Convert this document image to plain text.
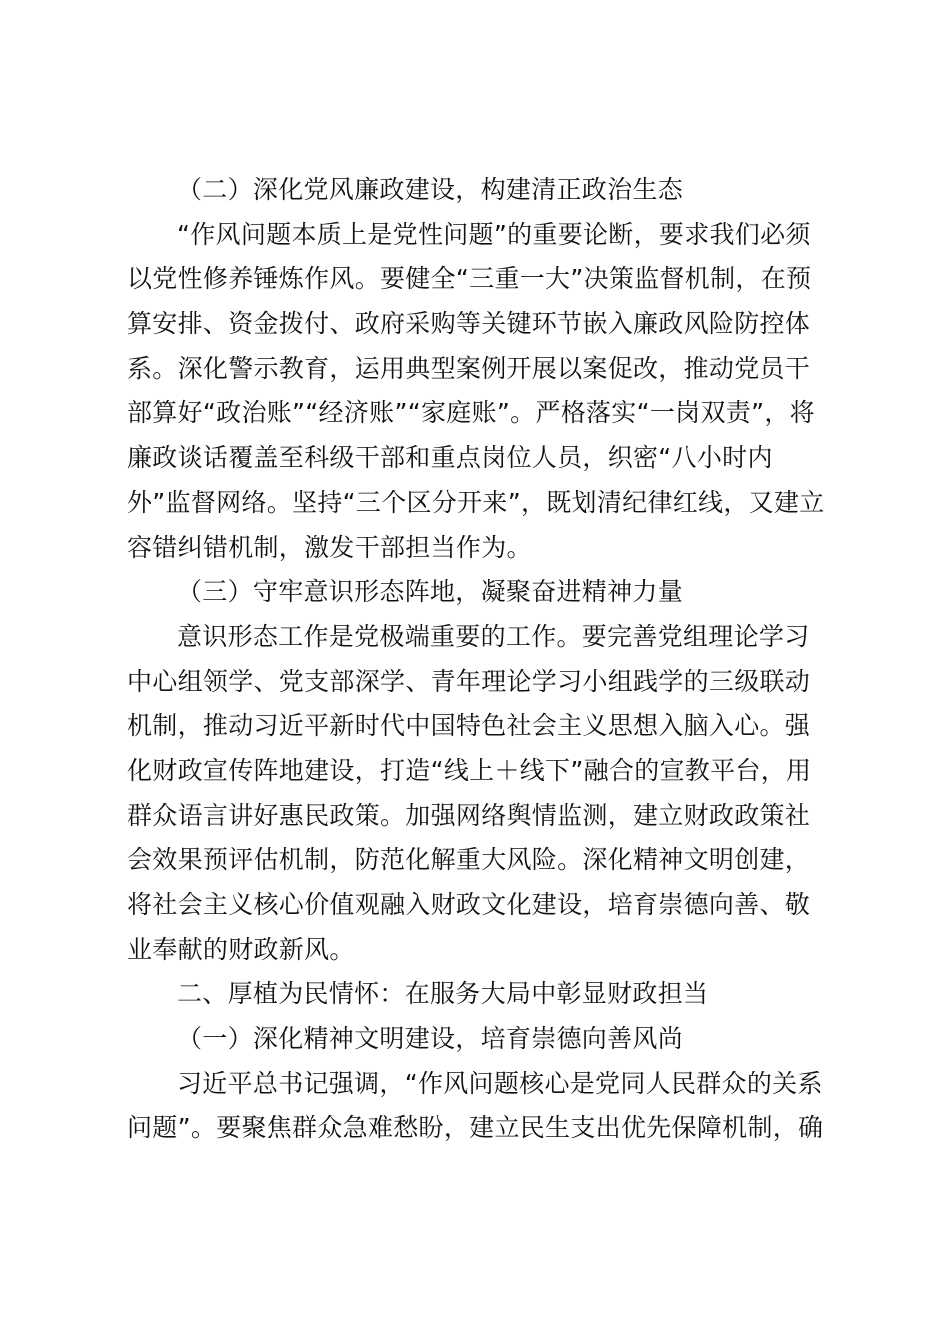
（二）深化党风廉政建设，构建清正政治生态
“作风问题本质上是党性问题”的重要论断，要求我们必须
以党性修养锤炼作风。要健全“三重一大”决策监督机制，在预
算安排、资金拨付、政府采购等关键环节嵌入廉政风险防控体
系。深化警示教育，运用典型案例开展以案促改，推动党员干
部算好“政治账”“经济账”“家庭账”。严格落实“一岗双责”，将
廉政谈话覆盖至科级干部和重点岗位人员，织密“八小时内
外”监督网络。坚持“三个区分开来”，既划清纪律红线，又建立
容错纠错机制，激发干部担当作为。
（三）守牢意识形态阵地，凝聚奋进精神力量
意识形态工作是党极端重要的工作。要完善党组理论学习
中心组领学、党支部深学、青年理论学习小组践学的三级联动
机制，推动习近平新时代中国特色社会主义思想入脑入心。强
化财政宣传阵地建设，打造“线上＋线下”融合的宣教平台，用
群众语言讲好惠民政策。加强网络舆情监测，建立财政政策社
会效果预评估机制，防范化解重大风险。深化精神文明创建，
将社会主义核心价值观融入财政文化建设，培育崇德向善、敬
业奉献的财政新风。
二、厚植为民情怀：在服务大局中彰显财政担当
（一）深化精神文明建设，培育崇德向善风尚
习近平总书记强调，“作风问题核心是党同人民群众的关系
问题”。要聚焦群众急难愁盼，建立民生支出优先保障机制，确
